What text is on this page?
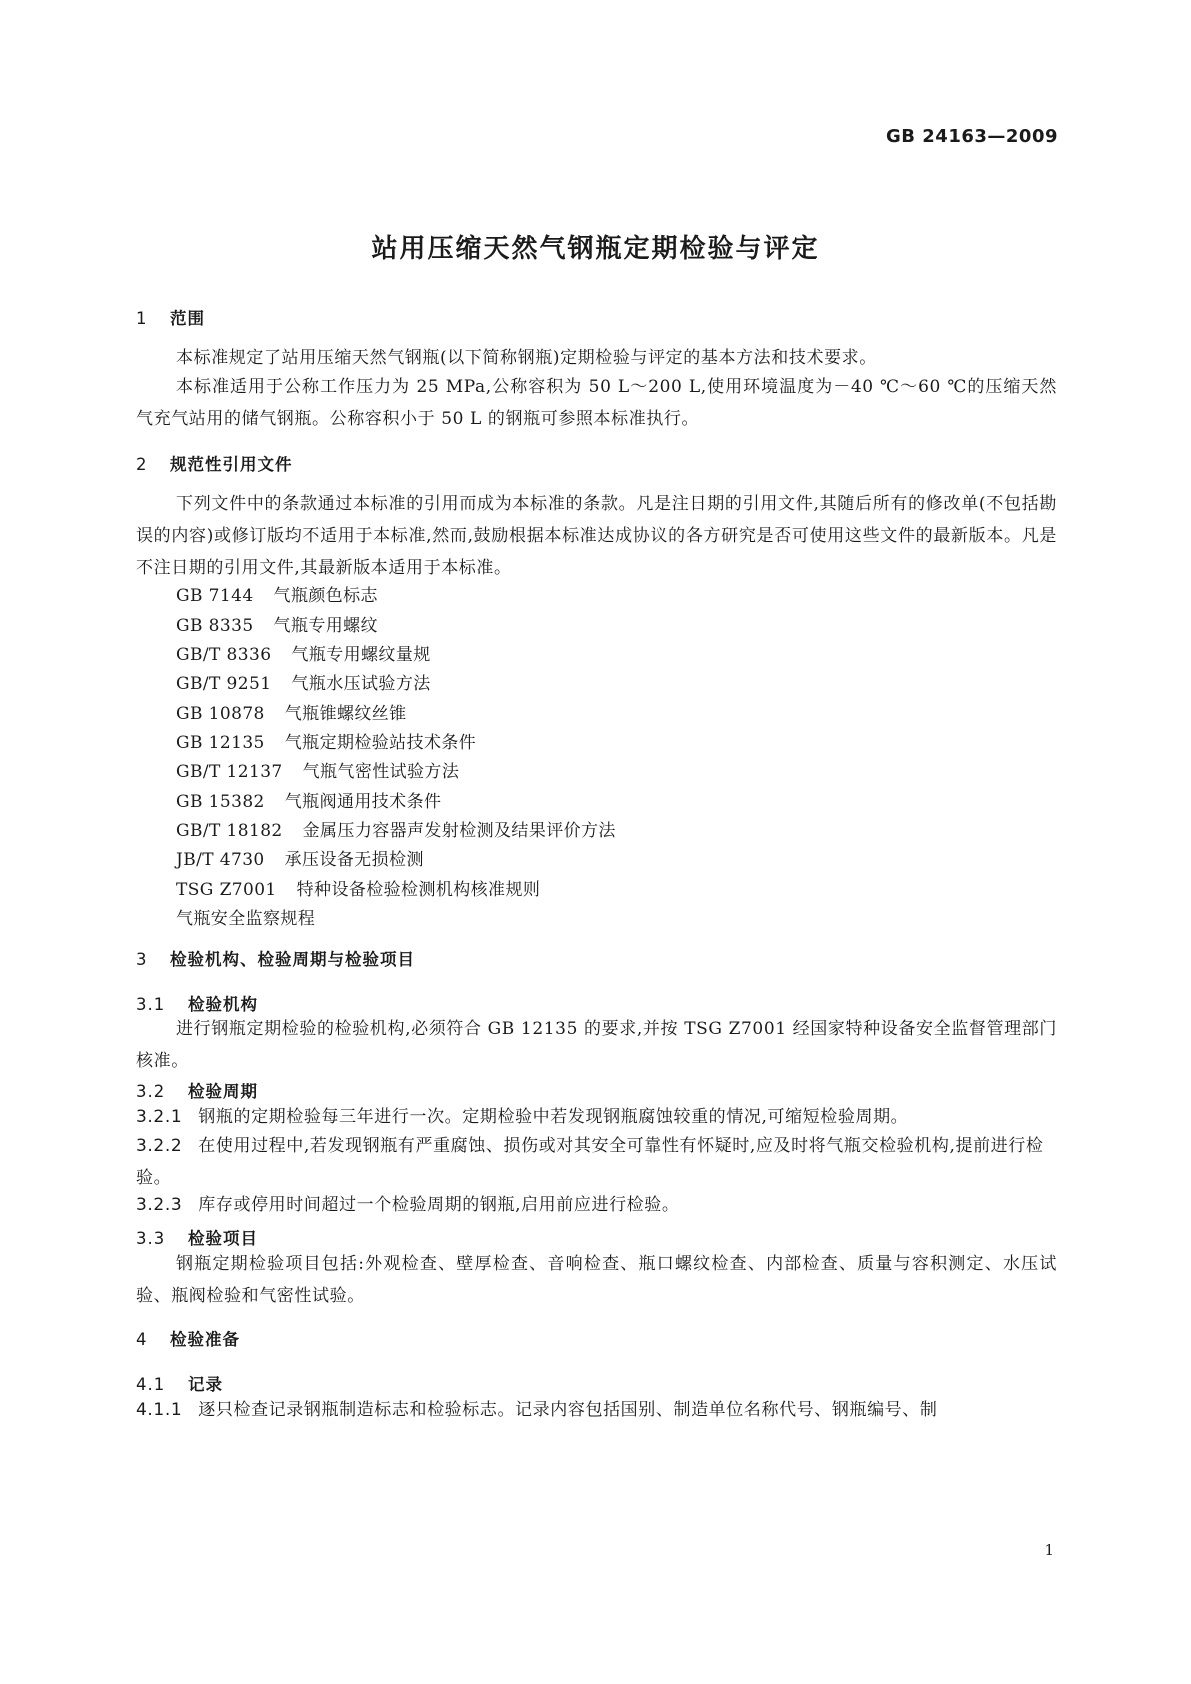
GB 24163—2009
站用压缩天然气钢瓶定期检验与评定
1 范围
本标准规定了站用压缩天然气钢瓶(以下简称钢瓶)定期检验与评定的基本方法和技术要求。
本标准适用于公称工作压力为 25 MPa,公称容积为 50 L～200 L,使用环境温度为－40 ℃～60 ℃的压缩天然气充气站用的储气钢瓶。公称容积小于 50 L 的钢瓶可参照本标准执行。
2 规范性引用文件
下列文件中的条款通过本标准的引用而成为本标准的条款。凡是注日期的引用文件,其随后所有的修改单(不包括勘误的内容)或修订版均不适用于本标准,然而,鼓励根据本标准达成协议的各方研究是否可使用这些文件的最新版本。凡是不注日期的引用文件,其最新版本适用于本标准。
GB 7144 气瓶颜色标志
GB 8335 气瓶专用螺纹
GB/T 8336 气瓶专用螺纹量规
GB/T 9251 气瓶水压试验方法
GB 10878 气瓶锥螺纹丝锥
GB 12135 气瓶定期检验站技术条件
GB/T 12137 气瓶气密性试验方法
GB 15382 气瓶阀通用技术条件
GB/T 18182 金属压力容器声发射检测及结果评价方法
JB/T 4730 承压设备无损检测
TSG Z7001 特种设备检验检测机构核准规则
气瓶安全监察规程
3 检验机构、检验周期与检验项目
3.1 检验机构
进行钢瓶定期检验的检验机构,必须符合 GB 12135 的要求,并按 TSG Z7001 经国家特种设备安全监督管理部门核准。
3.2 检验周期
3.2.1 钢瓶的定期检验每三年进行一次。定期检验中若发现钢瓶腐蚀较重的情况,可缩短检验周期。
3.2.2 在使用过程中,若发现钢瓶有严重腐蚀、损伤或对其安全可靠性有怀疑时,应及时将气瓶交检验机构,提前进行检验。
3.2.3 库存或停用时间超过一个检验周期的钢瓶,启用前应进行检验。
3.3 检验项目
钢瓶定期检验项目包括:外观检查、壁厚检查、音响检查、瓶口螺纹检查、内部检查、质量与容积测定、水压试验、瓶阀检验和气密性试验。
4 检验准备
4.1 记录
4.1.1 逐只检查记录钢瓶制造标志和检验标志。记录内容包括国别、制造单位名称代号、钢瓶编号、制
1
